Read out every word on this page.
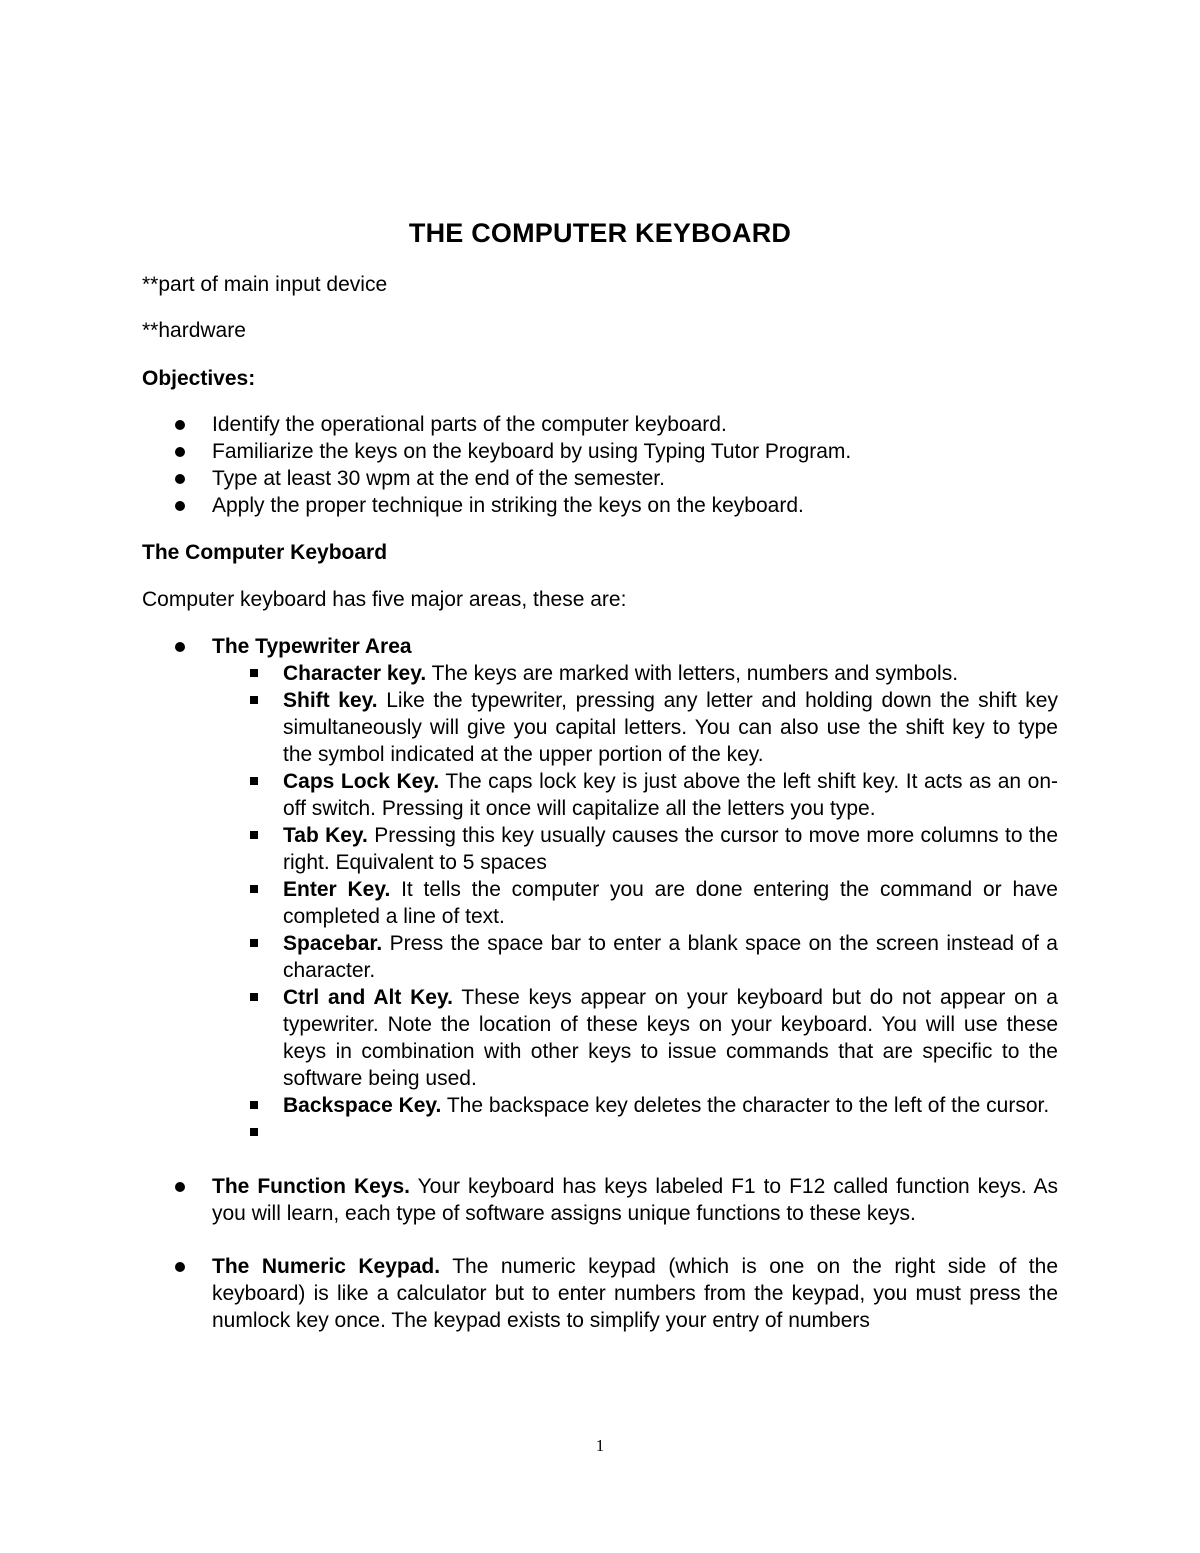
THE COMPUTER KEYBOARD
**part of main input device
**hardware
Objectives:
Identify the operational parts of the computer keyboard.
Familiarize the keys on the keyboard by using Typing Tutor Program.
Type at least 30 wpm at the end of the semester.
Apply the proper technique in striking the keys on the keyboard.
The Computer Keyboard
Computer keyboard has five major areas, these are:
The Typewriter Area
Character key. The keys are marked with letters, numbers and symbols.
Shift key. Like the typewriter, pressing any letter and holding down the shift key simultaneously will give you capital letters. You can also use the shift key to type the symbol indicated at the upper portion of the key.
Caps Lock Key. The caps lock key is just above the left shift key. It acts as an on-off switch. Pressing it once will capitalize all the letters you type.
Tab Key. Pressing this key usually causes the cursor to move more columns to the right. Equivalent to 5 spaces
Enter Key. It tells the computer you are done entering the command or have completed a line of text.
Spacebar. Press the space bar to enter a blank space on the screen instead of a character.
Ctrl and Alt Key. These keys appear on your keyboard but do not appear on a typewriter. Note the location of these keys on your keyboard. You will use these keys in combination with other keys to issue commands that are specific to the software being used.
Backspace Key. The backspace key deletes the character to the left of the cursor.
The Function Keys. Your keyboard has keys labeled F1 to F12 called function keys. As you will learn, each type of software assigns unique functions to these keys.
The Numeric Keypad. The numeric keypad (which is one on the right side of the keyboard) is like a calculator but to enter numbers from the keypad, you must press the numlock key once. The keypad exists to simplify your entry of numbers
1
